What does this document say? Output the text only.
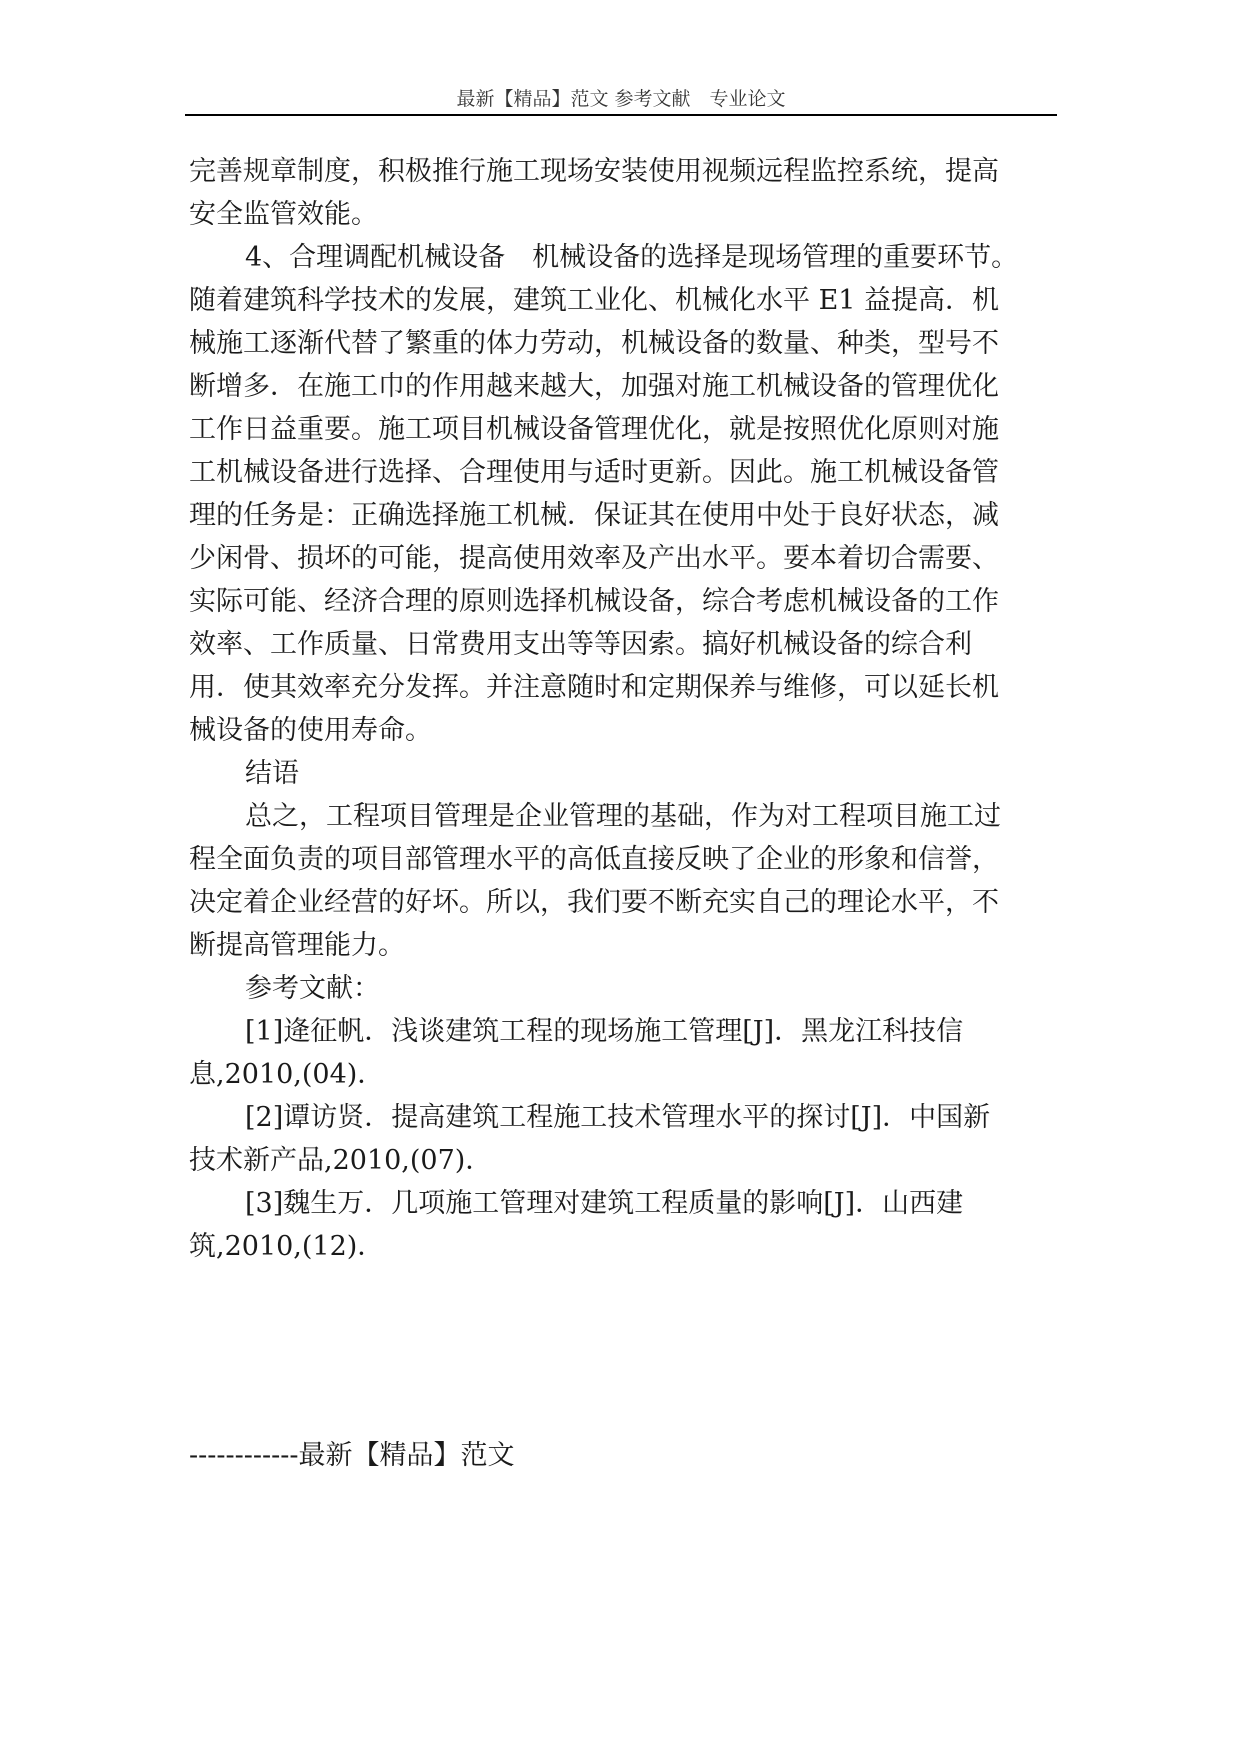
最新【精品】范文 参考文献　专业论文
完善规章制度，积极推行施工现场安装使用视频远程监控系统，提高
安全监管效能。
4、合理调配机械设备　机械设备的选择是现场管理的重要环节。
随着建筑科学技术的发展，建筑工业化、机械化水平 E1 益提高．机
械施工逐渐代替了繁重的体力劳动，机械设备的数量、种类，型号不
断增多．在施工巾的作用越来越大，加强对施工机械设备的管理优化
工作日益重要。施工项目机械设备管理优化，就是按照优化原则对施
工机械设备进行选择、合理使用与适时更新。因此。施工机械设备管
理的任务是：正确选择施工机械．保证其在使用中处于良好状态，减
少闲骨、损坏的可能，提高使用效率及产出水平。要本着切合需要、
实际可能、经济合理的原则选择机械设备，综合考虑机械设备的工作
效率、工作质量、日常费用支出等等因索。搞好机械设备的综合利
用．使其效率充分发挥。并注意随时和定期保养与维修，可以延长机
械设备的使用寿命。
结语
总之，工程项目管理是企业管理的基础，作为对工程项目施工过
程全面负责的项目部管理水平的高低直接反映了企业的形象和信誉，
决定着企业经营的好坏。所以，我们要不断充实自己的理论水平，不
断提高管理能力。
参考文献：
[1]逄征帆．浅谈建筑工程的现场施工管理[J]．黑龙江科技信
息,2010,(04)．
[2]谭访贤．提高建筑工程施工技术管理水平的探讨[J]．中国新
技术新产品,2010,(07)．
[3]魏生万．几项施工管理对建筑工程质量的影响[J]．山西建
筑,2010,(12)．
------------最新【精品】范文
